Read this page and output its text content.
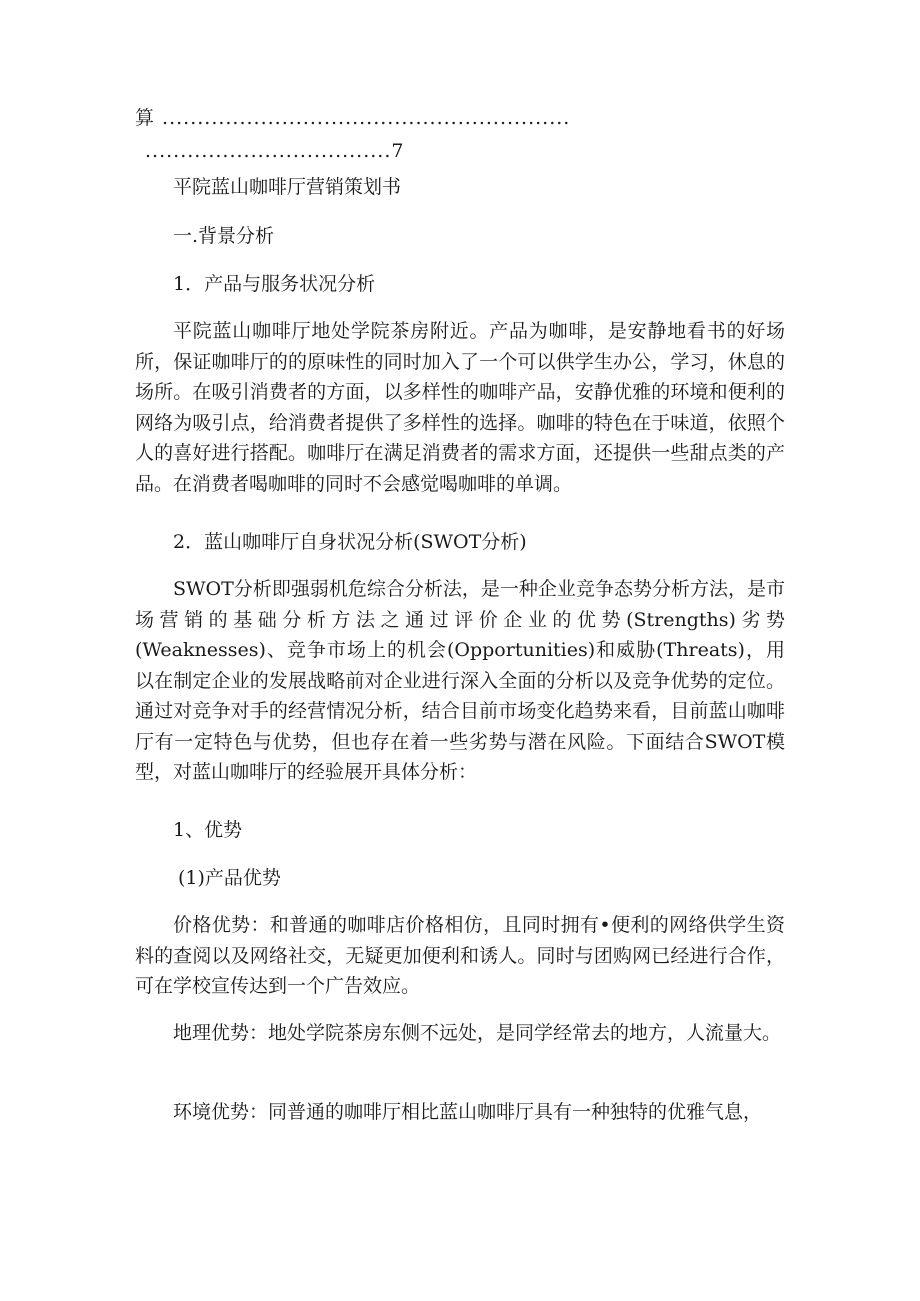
算 ..........................................................
...................................7

平院蓝山咖啡厅营销策划书

一.背景分析

1．产品与服务状况分析

平院蓝山咖啡厅地处学院茶房附近。产品为咖啡，是安静地看书的好场所，保证咖啡厅的的原味性的同时加入了一个可以供学生办公，学习，休息的场所。在吸引消费者的方面，以多样性的咖啡产品，安静优雅的环境和便利的网络为吸引点，给消费者提供了多样性的选择。咖啡的特色在于味道，依照个人的喜好进行搭配。咖啡厅在满足消费者的需求方面，还提供一些甜点类的产品。在消费者喝咖啡的同时不会感觉喝咖啡的单调。

2．蓝山咖啡厅自身状况分析(SWOT分析)

SWOT分析即强弱机危综合分析法，是一种企业竞争态势分析方法，是市场营销的基础分析方法之通过评价企业的优势(Strengths)劣势(Weaknesses)、竞争市场上的机会(Opportunities)和威胁(Threats)，用以在制定企业的发展战略前对企业进行深入全面的分析以及竞争优势的定位。通过对竞争对手的经营情况分析，结合目前市场变化趋势来看，目前蓝山咖啡厅有一定特色与优势，但也存在着一些劣势与潜在风险。下面结合SWOT模型，对蓝山咖啡厅的经验展开具体分析：

1、优势

(1)产品优势

价格优势：和普通的咖啡店价格相仿，且同时拥有•便利的网络供学生资料的查阅以及网络社交，无疑更加便利和诱人。同时与团购网已经进行合作，可在学校宣传达到一个广告效应。

地理优势：地处学院茶房东侧不远处，是同学经常去的地方，人流量大。

环境优势：同普通的咖啡厅相比蓝山咖啡厅具有一种独特的优雅气息，
